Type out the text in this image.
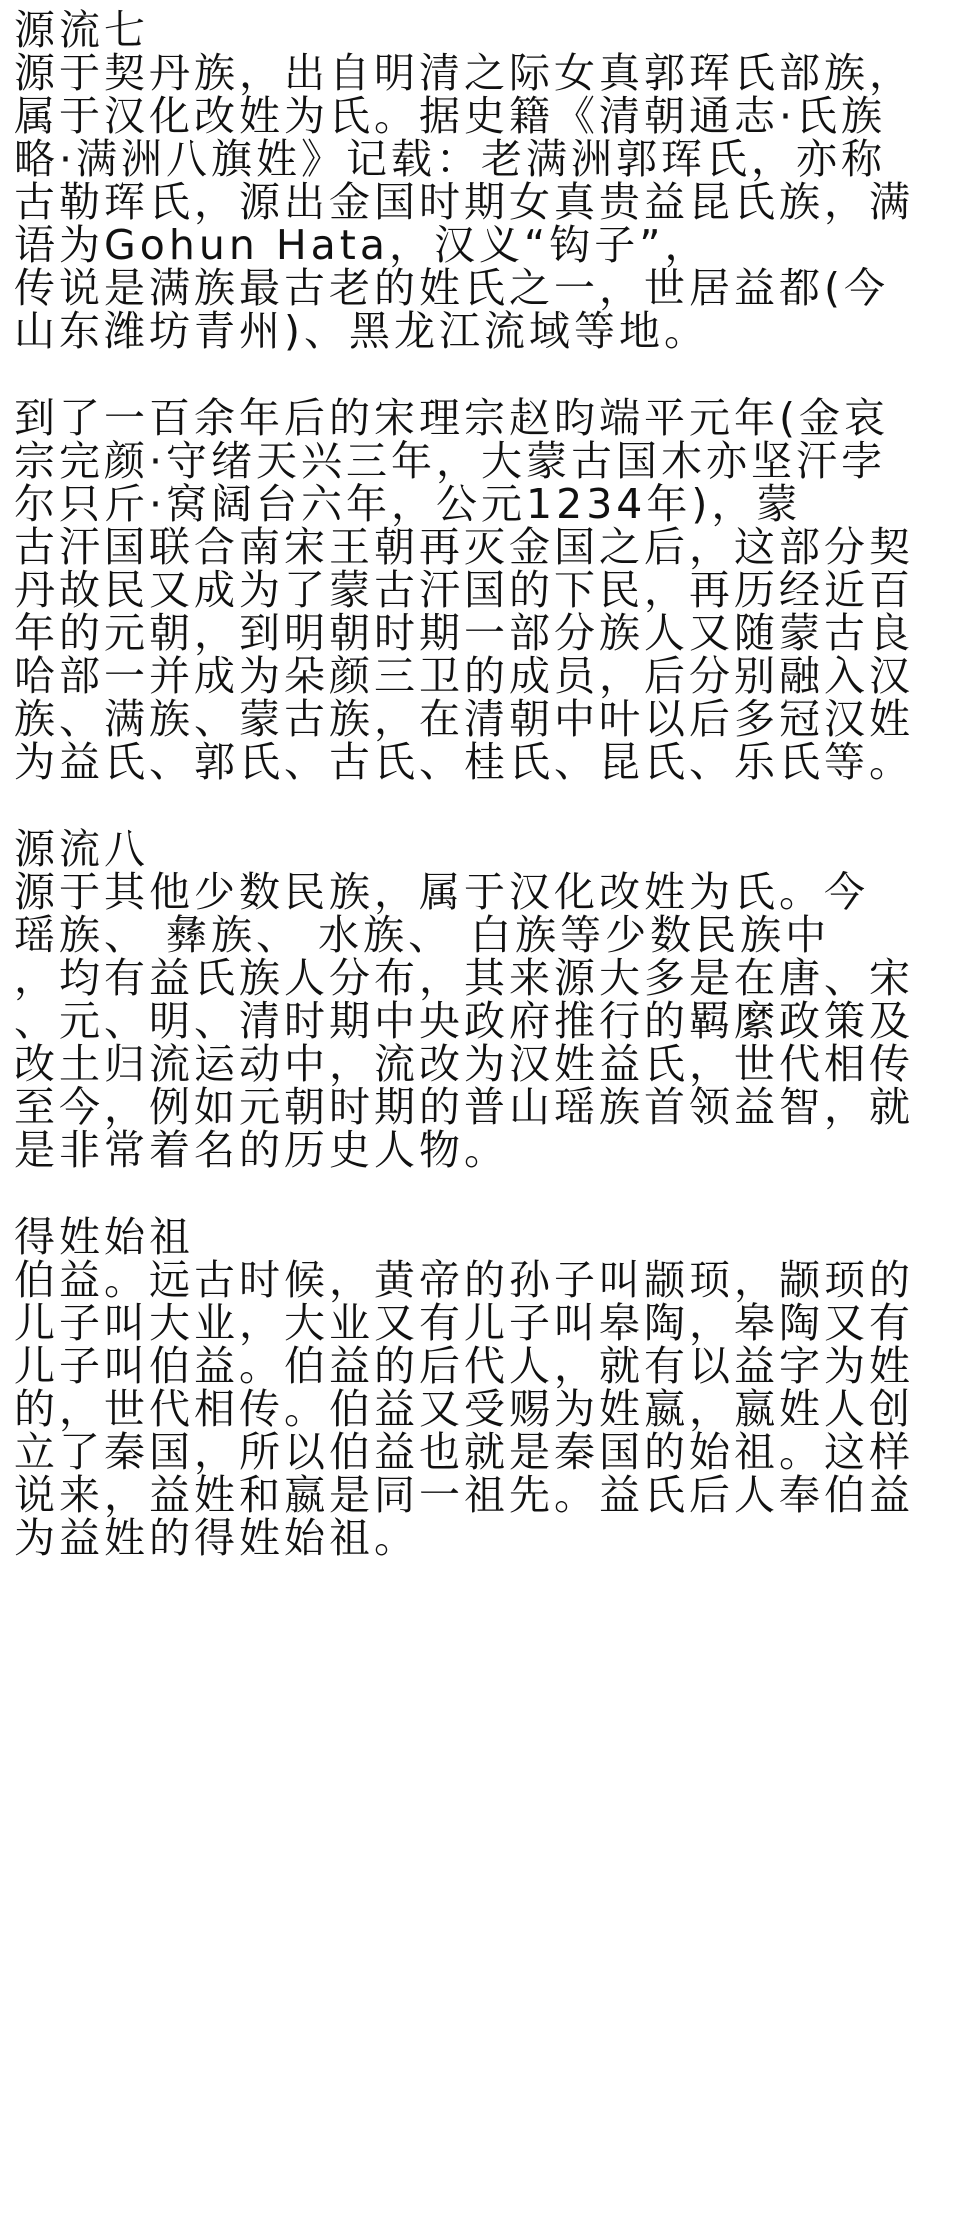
源流七
源于契丹族，出自明清之际女真郭珲氏部族，
属于汉化改姓为氏。据史籍《清朝通志·氏族
略·满洲八旗姓》记载：老满洲郭珲氏，亦称
古勒珲氏，源出金国时期女真贵益昆氏族，满
语为Gohun Hata，汉义“钩子”，
传说是满族最古老的姓氏之一，世居益都(今
山东潍坊青州)、黑龙江流域等地。
到了一百余年后的宋理宗赵昀端平元年(金哀
宗完颜·守绪天兴三年，大蒙古国木亦坚汗孛
尔只斤·窝阔台六年，公元1234年)，蒙
古汗国联合南宋王朝再灭金国之后，这部分契
丹故民又成为了蒙古汗国的下民，再历经近百
年的元朝，到明朝时期一部分族人又随蒙古良
哈部一并成为朵颜三卫的成员，后分别融入汉
族、满族、蒙古族，在清朝中叶以后多冠汉姓
为益氏、郭氏、古氏、桂氏、昆氏、乐氏等。
源流八
源于其他少数民族，属于汉化改姓为氏。今
瑶族、 彝族、 水族、 白族等少数民族中
，均有益氏族人分布，其来源大多是在唐、宋
、元、明、清时期中央政府推行的羁縻政策及
改土归流运动中，流改为汉姓益氏，世代相传
至今，例如元朝时期的普山瑶族首领益智，就
是非常着名的历史人物。
得姓始祖
伯益。远古时候，黄帝的孙子叫颛顼，颛顼的
儿子叫大业，大业又有儿子叫皋陶，皋陶又有
儿子叫伯益。伯益的后代人，就有以益字为姓
的，世代相传。伯益又受赐为姓嬴，嬴姓人创
立了秦国，所以伯益也就是秦国的始祖。这样
说来，益姓和嬴是同一祖先。益氏后人奉伯益
为益姓的得姓始祖。
